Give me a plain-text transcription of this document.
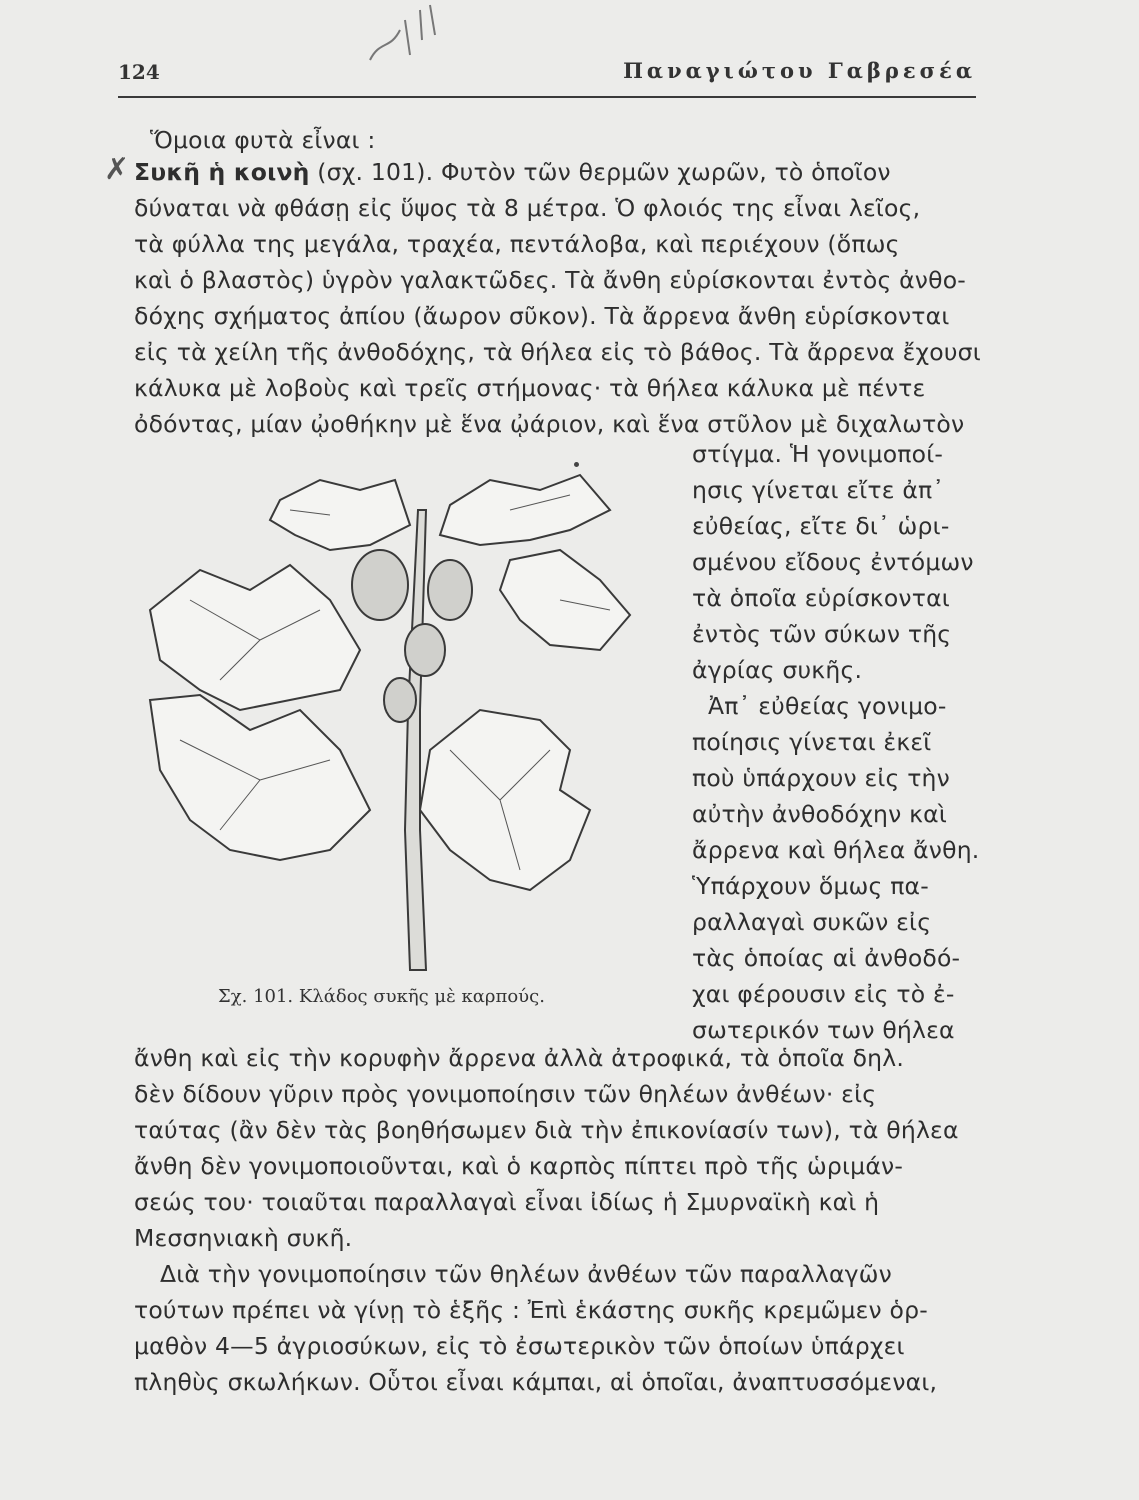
124	Παναγιώτου Γαβρεσέα
✗
Ὅμοια φυτὰ εἶναι :
Συκῆ ἡ κοινὴ (σχ. 101). Φυτὸν τῶν θερμῶν χωρῶν, τὸ ὁποῖον
δύναται νὰ φθάσῃ εἰς ὕψος τὰ 8 μέτρα. Ὁ φλοιός της εἶναι λεῖος,
τὰ φύλλα της μεγάλα, τραχέα, πεντάλοβα, καὶ περιέχουν (ὅπως
καὶ ὁ βλαστὸς) ὑγρὸν γαλακτῶδες. Τὰ ἄνθη εὑρίσκονται ἐντὸς ἀνθο-
δόχης σχήματος ἀπίου (ἄωρον σῦκον). Τὰ ἄρρενα ἄνθη εὑρίσκονται
εἰς τὰ χείλη τῆς ἀνθοδόχης, τὰ θήλεα εἰς τὸ βάθος. Τὰ ἄρρενα ἔχουσι
κάλυκα μὲ λοβοὺς καὶ τρεῖς στήμονας· τὰ θήλεα κάλυκα μὲ πέντε
ὀδόντας, μίαν ᾠοθήκην μὲ ἕνα ᾠάριον, καὶ ἕνα στῦλον μὲ διχαλωτὸν
στίγμα. Ἡ γονιμοποί-
ησις γίνεται εἴτε ἀπ᾽
εὐθείας, εἴτε δι᾽ ὡρι-
σμένου εἴδους ἐντόμων
τὰ ὁποῖα εὑρίσκονται
ἐντὸς τῶν σύκων τῆς
ἀγρίας συκῆς.
Ἀπ᾽ εὐθείας γονιμο-
ποίησις γίνεται ἐκεῖ
ποὺ ὑπάρχουν εἰς τὴν
αὐτὴν ἀνθοδόχην καὶ
ἄρρενα καὶ θήλεα ἄνθη.
Ὑπάρχουν ὅμως πα-
ραλλαγαὶ συκῶν εἰς
τὰς ὁποίας αἱ ἀνθοδό-
χαι φέρουσιν εἰς τὸ ἐ-
σωτερικόν των θήλεα
Σχ. 101. Κλάδος συκῆς μὲ καρπούς.
ἄνθη καὶ εἰς τὴν κορυφὴν ἄρρενα ἀλλὰ ἀτροφικά, τὰ ὁποῖα δηλ.
δὲν δίδουν γῦριν πρὸς γονιμοποίησιν τῶν θηλέων ἀνθέων· εἰς
ταύτας (ἂν δὲν τὰς βοηθήσωμεν διὰ τὴν ἐπικονίασίν των), τὰ θήλεα
ἄνθη δὲν γονιμοποιοῦνται, καὶ ὁ καρπὸς πίπτει πρὸ τῆς ὡριμάν-
σεώς του· τοιαῦται παραλλαγαὶ εἶναι ἰδίως ἡ Σμυρναϊκὴ καὶ ἡ
Μεσσηνιακὴ συκῆ.
Διὰ τὴν γονιμοποίησιν τῶν θηλέων ἀνθέων τῶν παραλλαγῶν
τούτων πρέπει νὰ γίνῃ τὸ ἑξῆς : Ἐπὶ ἑκάστης συκῆς κρεμῶμεν ὁρ-
μαθὸν 4—5 ἀγριοσύκων, εἰς τὸ ἐσωτερικὸν τῶν ὁποίων ὑπάρχει
πληθὺς σκωλήκων. Οὗτοι εἶναι κάμπαι, αἱ ὁποῖαι, ἀναπτυσσόμεναι,
